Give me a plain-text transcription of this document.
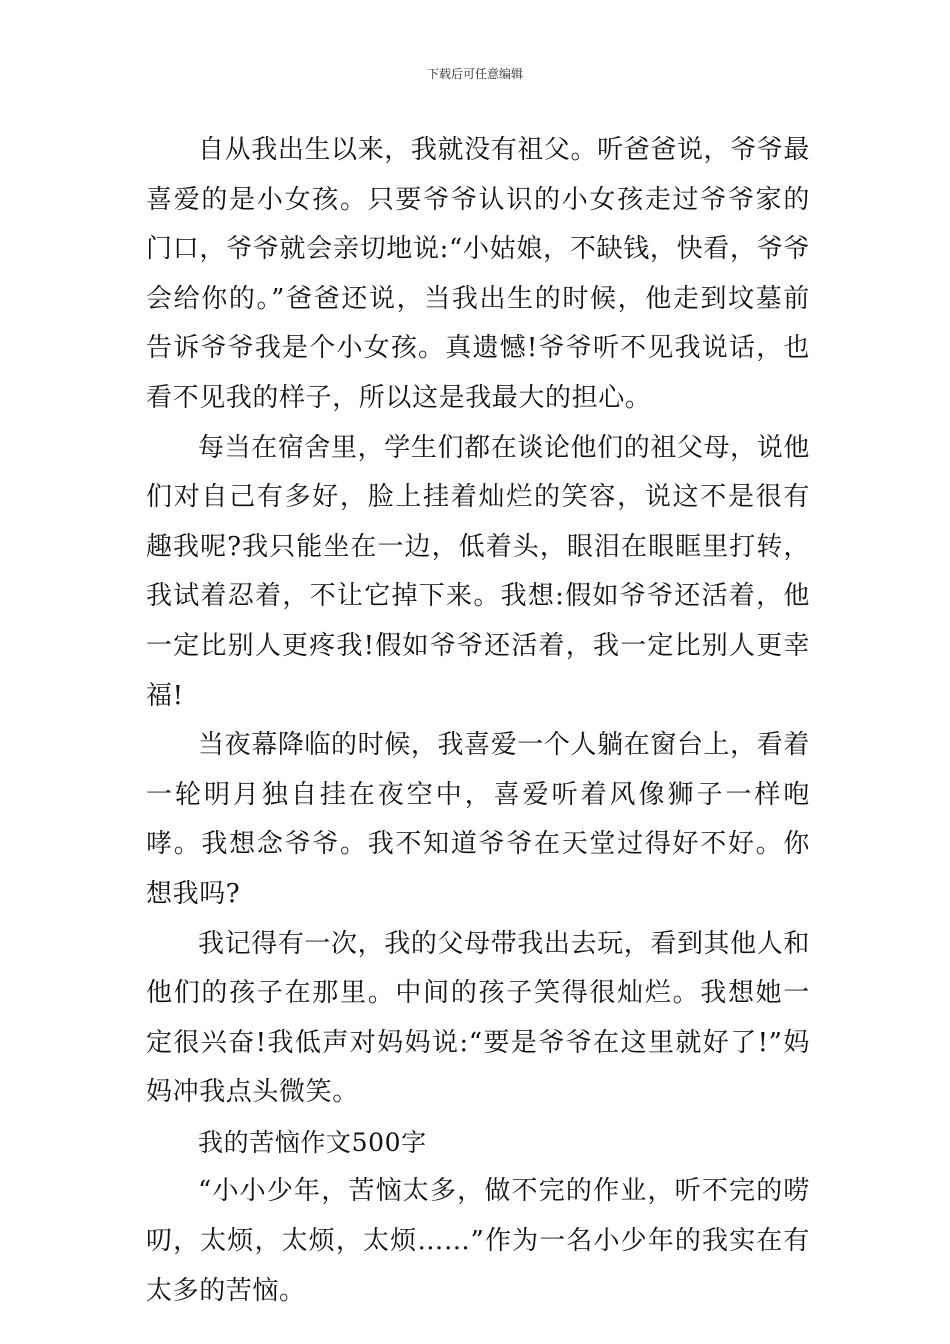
下载后可任意编辑

自从我出生以来，我就没有祖父。听爸爸说，爷爷最喜爱的是小女孩。只要爷爷认识的小女孩走过爷爷家的门口，爷爷就会亲切地说:“小姑娘，不缺钱，快看，爷爷会给你的。”爸爸还说，当我出生的时候，他走到坟墓前告诉爷爷我是个小女孩。真遗憾!爷爷听不见我说话，也看不见我的样子，所以这是我最大的担心。

每当在宿舍里，学生们都在谈论他们的祖父母，说他们对自己有多好，脸上挂着灿烂的笑容，说这不是很有趣我呢?我只能坐在一边，低着头，眼泪在眼眶里打转，我试着忍着，不让它掉下来。我想:假如爷爷还活着，他一定比别人更疼我!假如爷爷还活着，我一定比别人更幸福!

当夜幕降临的时候，我喜爱一个人躺在窗台上，看着一轮明月独自挂在夜空中，喜爱听着风像狮子一样咆哮。我想念爷爷。我不知道爷爷在天堂过得好不好。你想我吗?

我记得有一次，我的父母带我出去玩，看到其他人和他们的孩子在那里。中间的孩子笑得很灿烂。我想她一定很兴奋!我低声对妈妈说:“要是爷爷在这里就好了!”妈妈冲我点头微笑。

我的苦恼作文500字

“小小少年，苦恼太多，做不完的作业，听不完的唠叨，太烦，太烦，太烦……”作为一名小少年的我实在有太多的苦恼。
